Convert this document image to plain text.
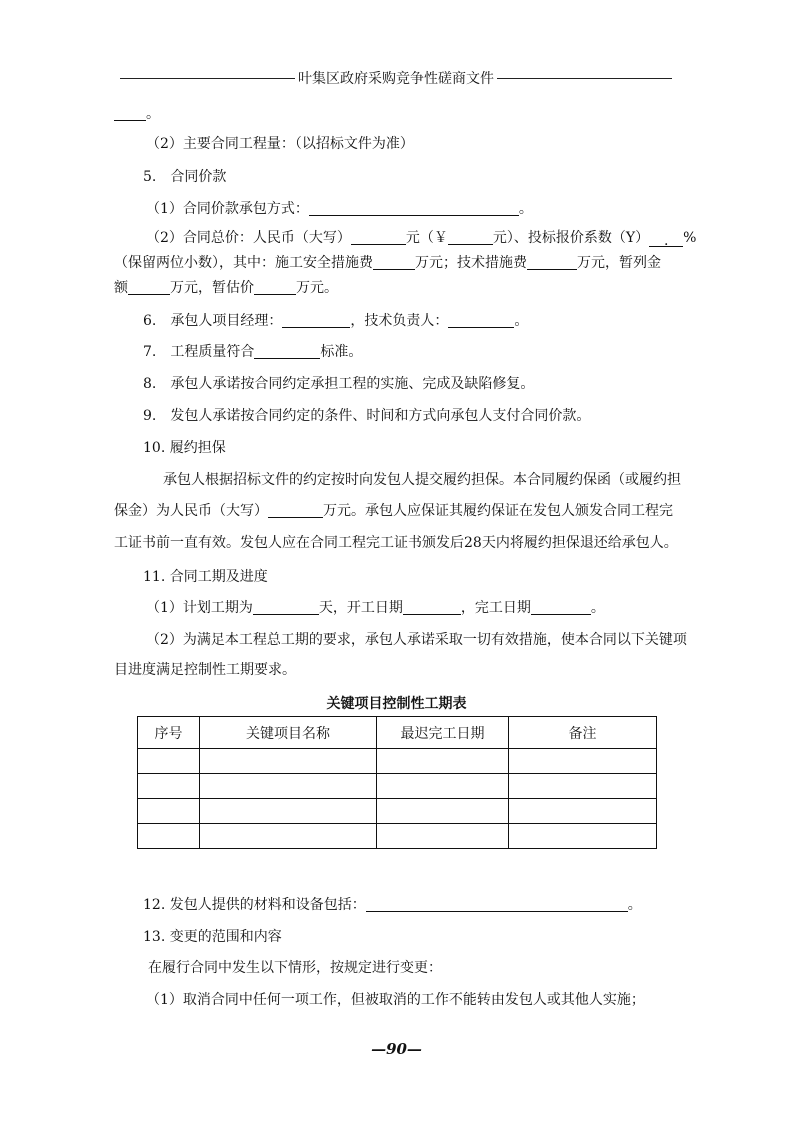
叶集区政府采购竞争性磋商文件
。
（2）主要合同工程量：（以招标文件为准）
5.　合同价款
（1）合同价款承包方式：	。
（2）合同总价：人民币（大写）	元（￥	元）、投标报价系数（Y） . %
（保留两位小数），其中：施工安全措施费	万元；技术措施费	万元，暂列金
额	万元，暂估价	万元。
6.　承包人项目经理：	，技术负责人：	。
7.　工程质量符合	标准。
8.　承包人承诺按合同约定承担工程的实施、完成及缺陷修复。
9.　发包人承诺按合同约定的条件、时间和方式向承包人支付合同价款。
10. 履约担保
承包人根据招标文件的约定按时向发包人提交履约担保。本合同履约保函（或履约担
保金）为人民币（大写）	万元。承包人应保证其履约保证在发包人颁发合同工程完
工证书前一直有效。发包人应在合同工程完工证书颁发后28天内将履约担保退还给承包人。
11. 合同工期及进度
（1）计划工期为	天，开工日期	，完工日期	。
（2）为满足本工程总工期的要求，承包人承诺采取一切有效措施，使本合同以下关键项
目进度满足控制性工期要求。
关键项目控制性工期表
序号	关键项目名称	最迟完工日期	备注

12. 发包人提供的材料和设备包括：	。
13. 变更的范围和内容
在履行合同中发生以下情形，按规定进行变更：
（1）取消合同中任何一项工作，但被取消的工作不能转由发包人或其他人实施；
—90—
